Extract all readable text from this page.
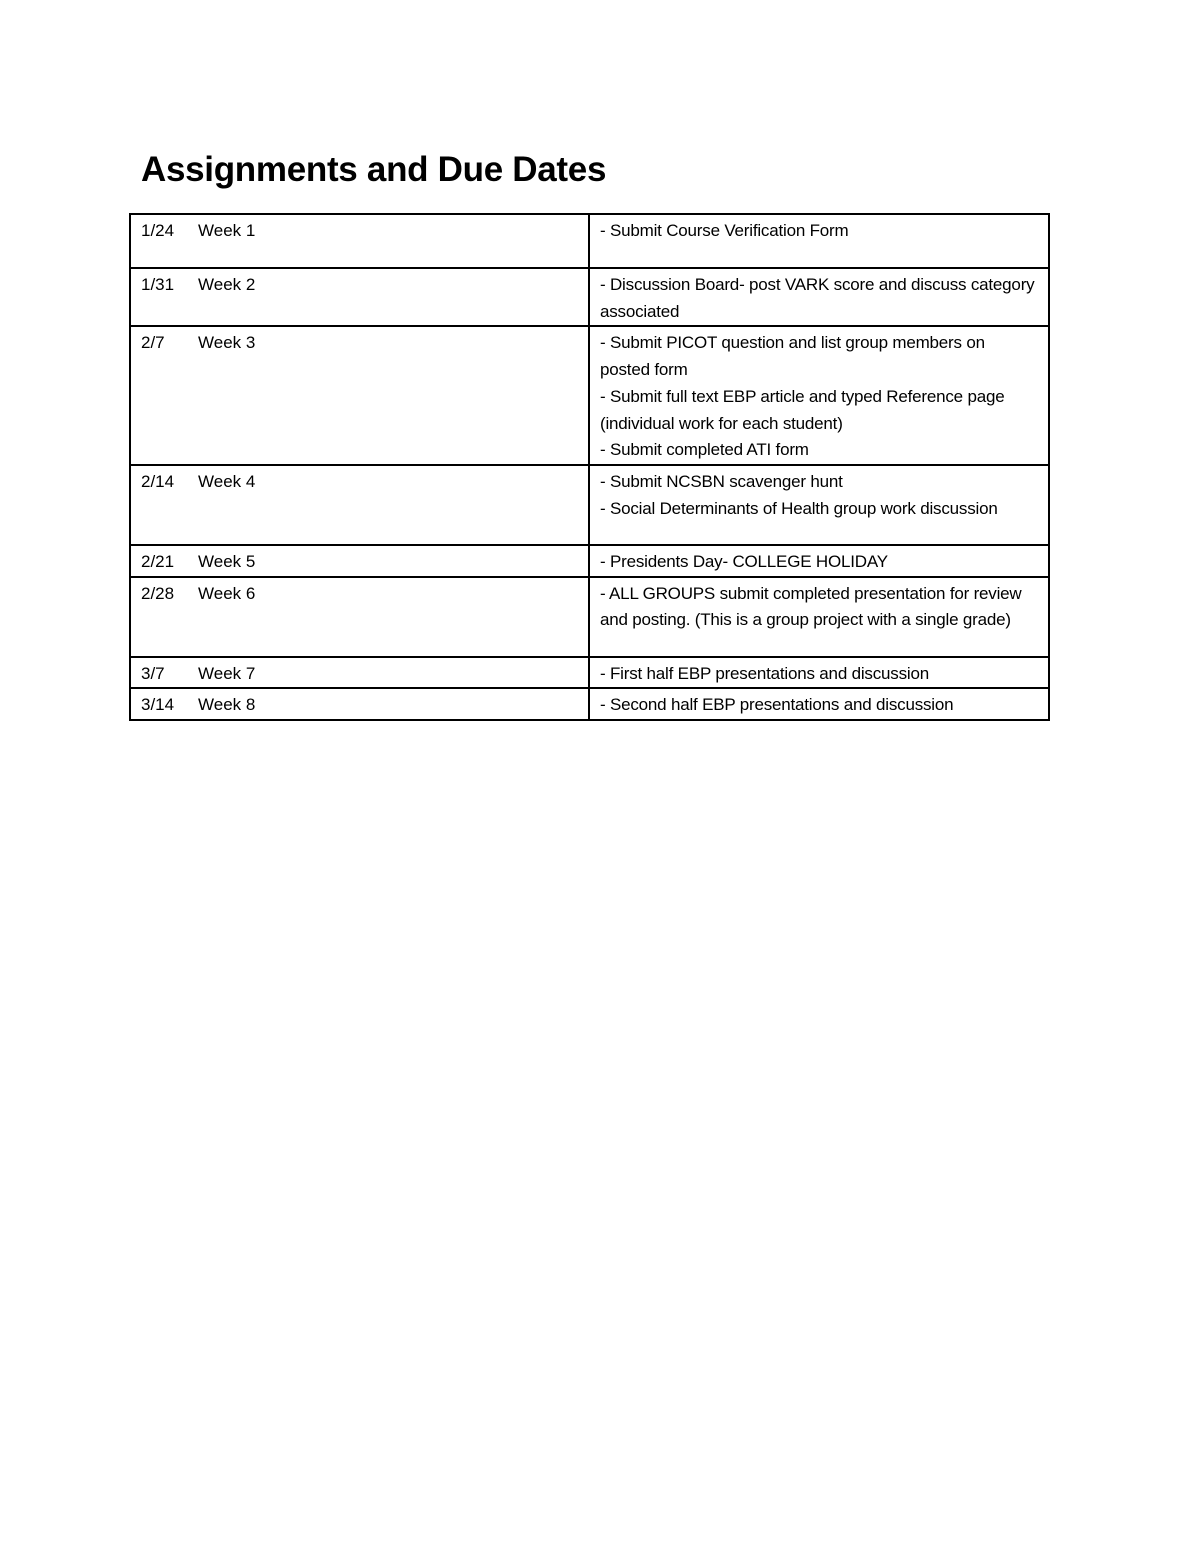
Assignments and Due Dates
1/24 Week 1	- Submit Course Verification Form

1/31 Week 2	- Discussion Board- post VARK score and discuss category associated

2/7 Week 3	- Submit PICOT question and list group members on posted form
- Submit full text EBP article and typed Reference page (individual work for each student)
- Submit completed ATI form

2/14 Week 4	- Submit NCSBN scavenger hunt
- Social Determinants of Health group work discussion

2/21 Week 5	- Presidents Day- COLLEGE HOLIDAY

2/28 Week 6	- ALL GROUPS submit completed presentation for review and posting. (This is a group project with a single grade)

3/7 Week 7	- First half EBP presentations and discussion

3/14 Week 8	- Second half EBP presentations and discussion
